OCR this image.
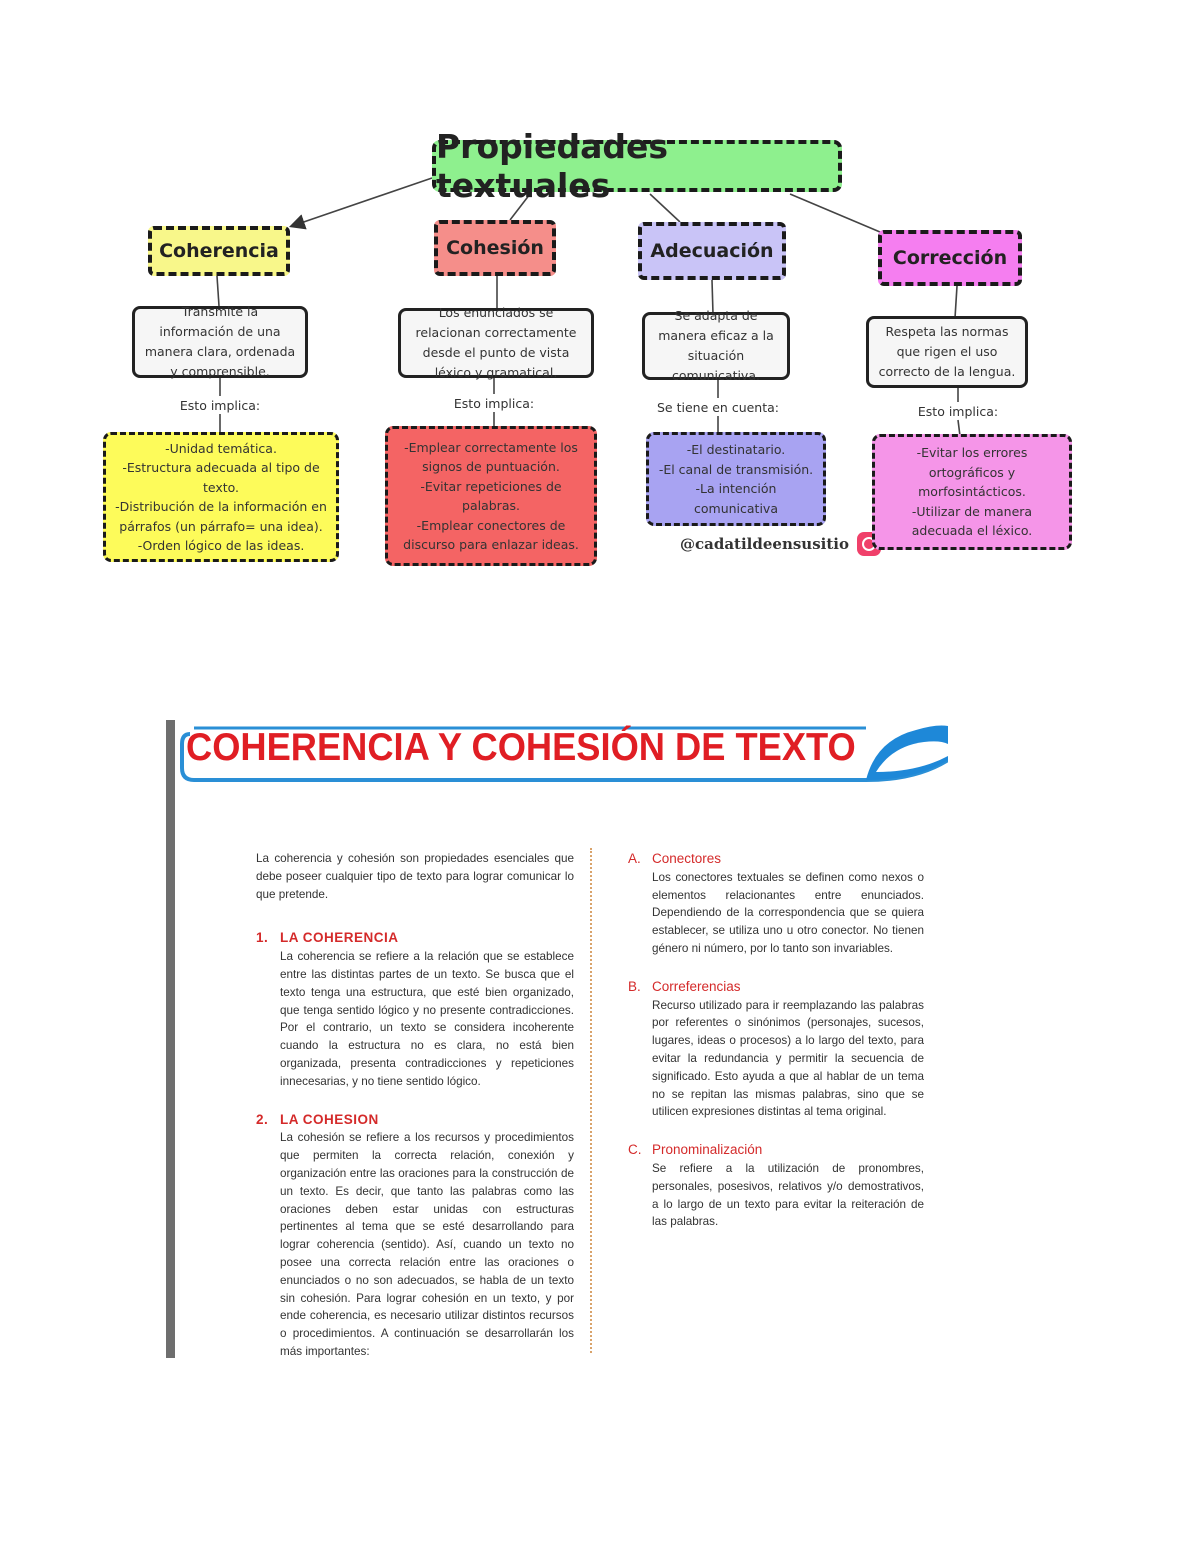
Propiedades textuales
Coherencia
Transmite la información de una manera clara, ordenada y comprensible.
Esto implica:
-Unidad temática.
-Estructura adecuada al tipo de texto.
-Distribución de la información en párrafos (un párrafo= una idea).
-Orden lógico de las ideas.
Cohesión
Los enunciados se relacionan correctamente desde el punto de vista léxico y gramatical.
Esto implica:
-Emplear correctamente los signos de puntuación.
-Evitar repeticiones de palabras.
-Emplear conectores de discurso para enlazar ideas.
Adecuación
Se adapta de manera eficaz a la situación comunicativa.
Se tiene en cuenta:
-El destinatario.
-El canal de transmisión.
-La intención comunicativa
@cadatildeensusitio
Corrección
Respeta las normas que rigen el uso correcto de la lengua.
Esto implica:
-Evitar los errores ortográficos y morfosintácticos.
-Utilizar de manera adecuada el léxico.
COHERENCIA Y COHESIÓN DE TEXTO

La coherencia y cohesión son propiedades esenciales que debe poseer cualquier tipo de texto para lograr comunicar lo que pretende.

1. LA COHERENCIA

La coherencia se refiere a la relación que se establece entre las distintas partes de un texto. Se busca que el texto tenga una estructura, que esté bien organizado, que tenga sentido lógico y no presente contradicciones. Por el contrario, un texto se considera incoherente cuando la estructura no es clara, no está bien organizada, presenta contradicciones y repeticiones innecesarias, y no tiene sentido lógico.

2. LA COHESION

La cohesión se refiere a los recursos y procedimientos que permiten la correcta relación, conexión y organización entre las oraciones para la construcción de un texto. Es decir, que tanto las palabras como las oraciones deben estar unidas con estructuras pertinentes al tema que se esté desarrollando para lograr coherencia (sentido). Así, cuando un texto no posee una correcta relación entre las oraciones o enunciados o no son adecuados, se habla de un texto sin cohesión. Para lograr cohesión en un texto, y por ende coherencia, es necesario utilizar distintos recursos o procedimientos. A continuación se desarrollarán los más importantes:

A. Conectores

Los conectores textuales se definen como nexos o elementos relacionantes entre enunciados. Dependiendo de la correspondencia que se quiera establecer, se utiliza uno u otro conector. No tienen género ni número, por lo tanto son invariables.

B. Correferencias

Recurso utilizado para ir reemplazando las palabras por referentes o sinónimos (personajes, sucesos, lugares, ideas o procesos) a lo largo del texto, para evitar la redundancia y permitir la secuencia de significado. Esto ayuda a que al hablar de un tema no se repitan las mismas palabras, sino que se utilicen expresiones distintas al tema original.

C. Pronominalización

Se refiere a la utilización de pronombres, personales, posesivos, relativos y/o demostrativos, a lo largo de un texto para evitar la reiteración de las palabras.
